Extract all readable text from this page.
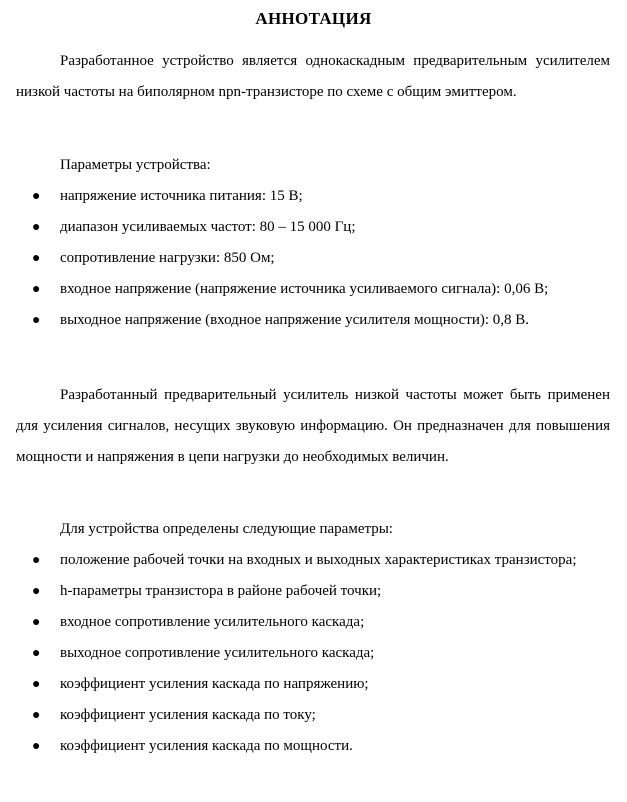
АННОТАЦИЯ

Разработанное устройство является однокаскадным предварительным усилителем низкой частоты на биполярном npn-транзисторе по схеме с общим эмиттером.

Параметры устройства:

●	напряжение источника питания: 15 В;
●	диапазон усиливаемых частот: 80 – 15 000 Гц;
●	сопротивление нагрузки: 850 Ом;
●	входное напряжение (напряжение источника усиливаемого сигнала): 0,06 В;
●	выходное напряжение (входное напряжение усилителя мощности): 0,8 В.

Разработанный предварительный усилитель низкой частоты может быть применен для усиления сигналов, несущих звуковую информацию. Он предназначен для повышения мощности и напряжения в цепи нагрузки до необходимых величин.

Для устройства определены следующие параметры:

●	положение рабочей точки на входных и выходных характеристиках транзистора;
●	h-параметры транзистора в районе рабочей точки;
●	входное сопротивление усилительного каскада;
●	выходное сопротивление усилительного каскада;
●	коэффициент усиления каскада по напряжению;
●	коэффициент усиления каскада по току;
●	коэффициент усиления каскада по мощности.
